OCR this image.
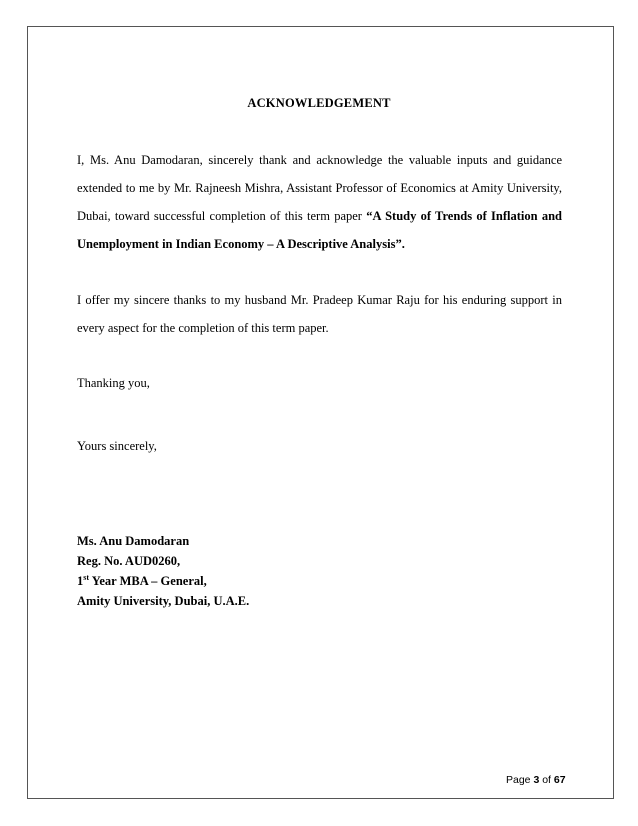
ACKNOWLEDGEMENT
I, Ms. Anu Damodaran, sincerely thank and acknowledge the valuable inputs and guidance
extended to me by Mr. Rajneesh Mishra, Assistant Professor of Economics at Amity University,
Dubai, toward successful completion of this term paper “A Study of Trends of Inflation and
Unemployment in Indian Economy – A Descriptive Analysis”.
I offer my sincere thanks to my husband Mr. Pradeep Kumar Raju for his enduring support in
every aspect for the completion of this term paper.
Thanking you,
Yours sincerely,
Ms. Anu Damodaran
Reg. No. AUD0260,
1st Year MBA – General,
Amity University, Dubai, U.A.E.
Page 3 of 67
